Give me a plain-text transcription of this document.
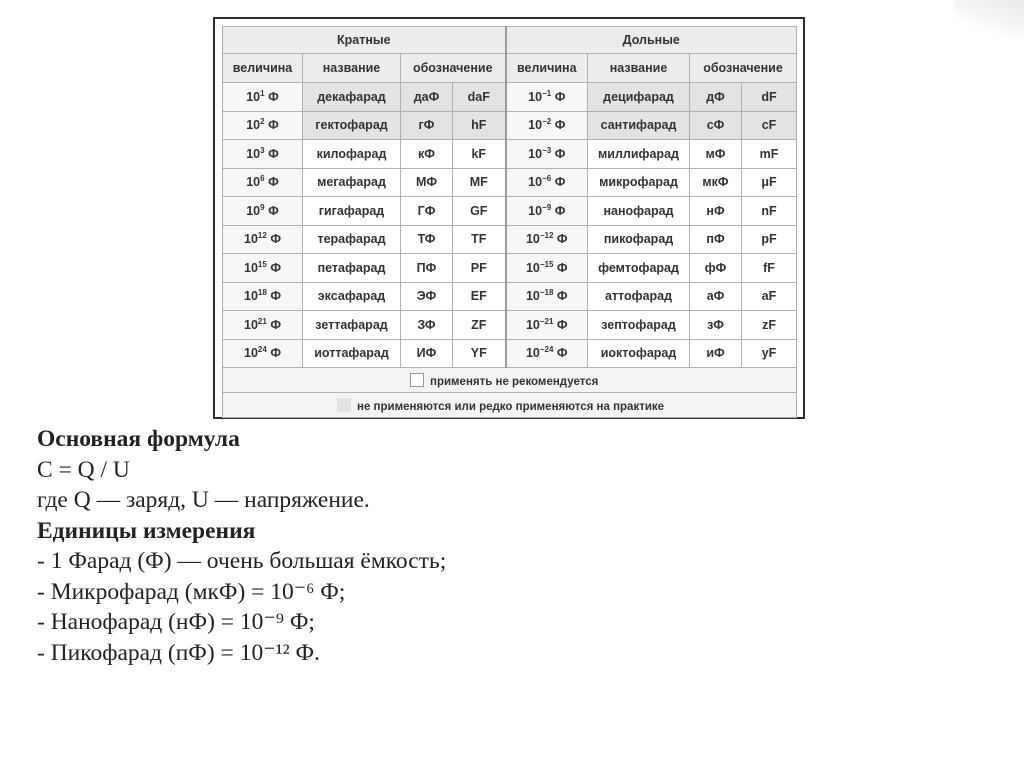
Кратные				Дольные			
величина	название	обозначение		величина	название	обозначение	
$10^1$ Ф	декафарад	даФ	daF	$10^{-1}$ Ф	децифарад	дФ	dF
$10^2$ Ф	гектофарад	гФ	hF	$10^{-2}$ Ф	сантифарад	сФ	cF
$10^3$ Ф	килофарад	кФ	kF	$10^{-3}$ Ф	миллифарад	мФ	mF
$10^6$ Ф	мегафарад	МФ	MF	$10^{-6}$ Ф	микрофарад	мкФ	μF
$10^9$ Ф	гигафарад	ГФ	GF	$10^{-9}$ Ф	нанофарад	нФ	nF
$10^{12}$ Ф	терафарад	ТФ	TF	$10^{-12}$ Ф	пикофарад	пФ	pF
$10^{15}$ Ф	петафарад	ПФ	PF	$10^{-15}$ Ф	фемтофарад	фФ	fF
$10^{18}$ Ф	эксафарад	ЭФ	EF	$10^{-18}$ Ф	аттофарад	аФ	aF
$10^{21}$ Ф	зеттафарад	ЗФ	ZF	$10^{-21}$ Ф	зептофарад	зФ	zF
$10^{24}$ Ф	иоттафарад	ИФ	YF	$10^{-24}$ Ф	иоктофарад	иФ	yF
применять не рекомендуется							
не применяются или редко применяются на практике							
Основная формула
C = Q / U
где Q — заряд, U — напряжение.
Единицы измерения
- 1 Фарад (Ф) — очень большая ёмкость;
- Микрофарад (мкФ) = 10⁻⁶ Ф;
- Нанофарад (нФ) = 10⁻⁹ Ф;
- Пикофарад (пФ) = 10⁻¹² Ф.
